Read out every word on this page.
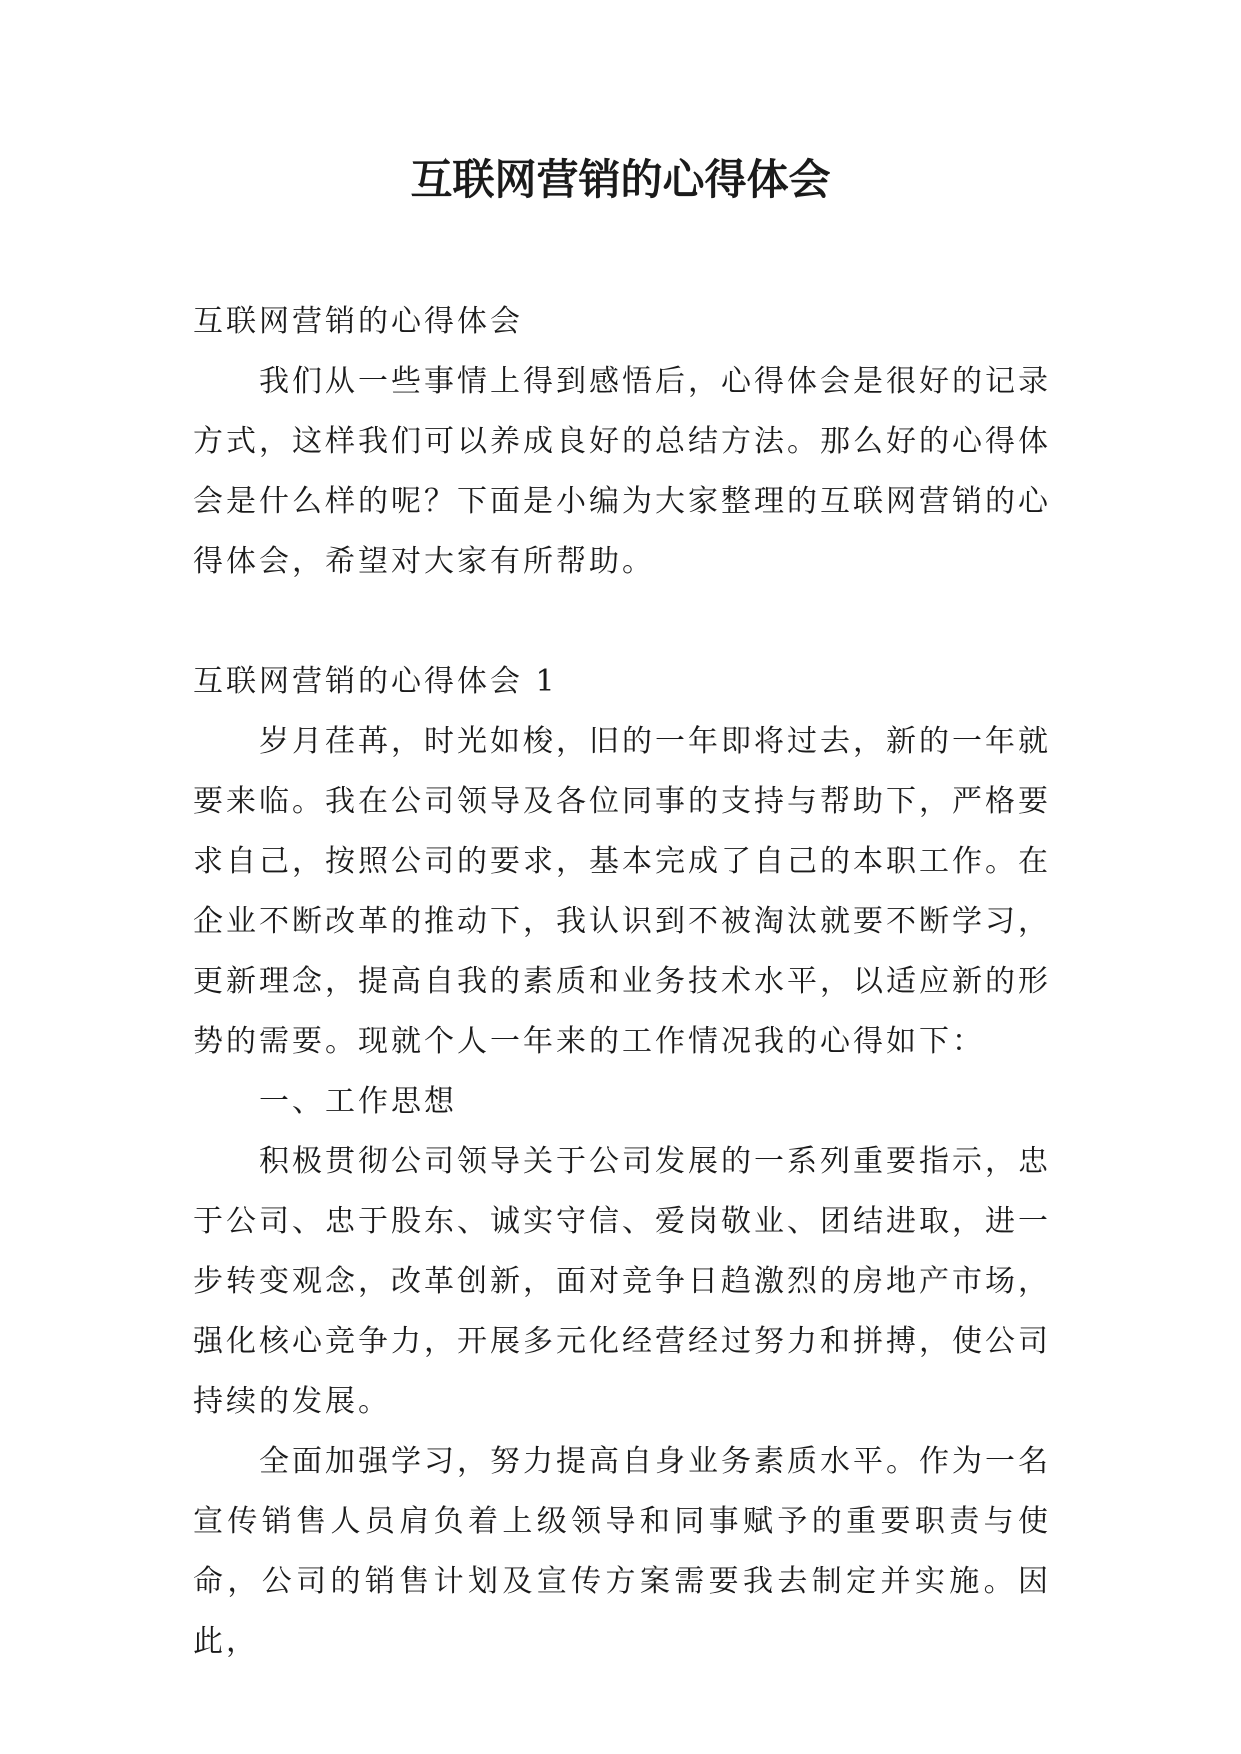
互联网营销的心得体会

互联网营销的心得体会

我们从一些事情上得到感悟后，心得体会是很好的记录方式，这样我们可以养成良好的总结方法。那么好的心得体会是什么样的呢？下面是小编为大家整理的互联网营销的心得体会，希望对大家有所帮助。

互联网营销的心得体会 1

岁月荏苒，时光如梭，旧的一年即将过去，新的一年就要来临。我在公司领导及各位同事的支持与帮助下，严格要求自己，按照公司的要求，基本完成了自己的本职工作。在企业不断改革的推动下，我认识到不被淘汰就要不断学习，更新理念，提高自我的素质和业务技术水平，以适应新的形势的需要。现就个人一年来的工作情况我的心得如下：

一、工作思想

积极贯彻公司领导关于公司发展的一系列重要指示，忠于公司、忠于股东、诚实守信、爱岗敬业、团结进取，进一步转变观念，改革创新，面对竞争日趋激烈的房地产市场，强化核心竞争力，开展多元化经营经过努力和拼搏，使公司持续的发展。

全面加强学习，努力提高自身业务素质水平。作为一名宣传销售人员肩负着上级领导和同事赋予的重要职责与使命，公司的销售计划及宣传方案需要我去制定并实施。因此，
